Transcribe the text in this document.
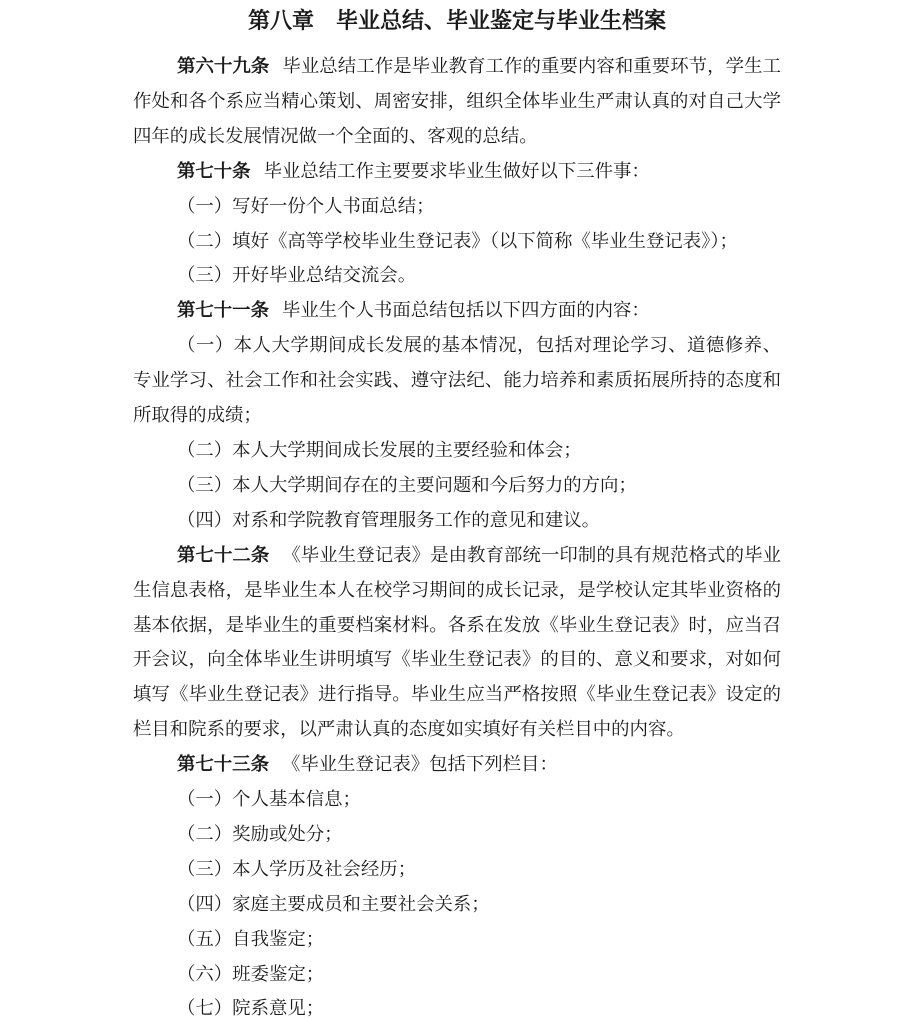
第八章　毕业总结、毕业鉴定与毕业生档案

第六十九条 毕业总结工作是毕业教育工作的重要内容和重要环节，学生工作处和各个系应当精心策划、周密安排，组织全体毕业生严肃认真的对自己大学四年的成长发展情况做一个全面的、客观的总结。

第七十条 毕业总结工作主要要求毕业生做好以下三件事：

（一）写好一份个人书面总结；

（二）填好《高等学校毕业生登记表》（以下简称《毕业生登记表》）；

（三）开好毕业总结交流会。

第七十一条 毕业生个人书面总结包括以下四方面的内容：

（一）本人大学期间成长发展的基本情况，包括对理论学习、道德修养、专业学习、社会工作和社会实践、遵守法纪、能力培养和素质拓展所持的态度和所取得的成绩；

（二）本人大学期间成长发展的主要经验和体会；

（三）本人大学期间存在的主要问题和今后努力的方向；

（四）对系和学院教育管理服务工作的意见和建议。

第七十二条 《毕业生登记表》是由教育部统一印制的具有规范格式的毕业生信息表格，是毕业生本人在校学习期间的成长记录，是学校认定其毕业资格的基本依据，是毕业生的重要档案材料。各系在发放《毕业生登记表》时，应当召开会议，向全体毕业生讲明填写《毕业生登记表》的目的、意义和要求，对如何填写《毕业生登记表》进行指导。毕业生应当严格按照《毕业生登记表》设定的栏目和院系的要求，以严肃认真的态度如实填好有关栏目中的内容。

第七十三条 《毕业生登记表》包括下列栏目：

（一）个人基本信息；

（二）奖励或处分；

（三）本人学历及社会经历；

（四）家庭主要成员和主要社会关系；

（五）自我鉴定；

（六）班委鉴定；

（七）院系意见；
